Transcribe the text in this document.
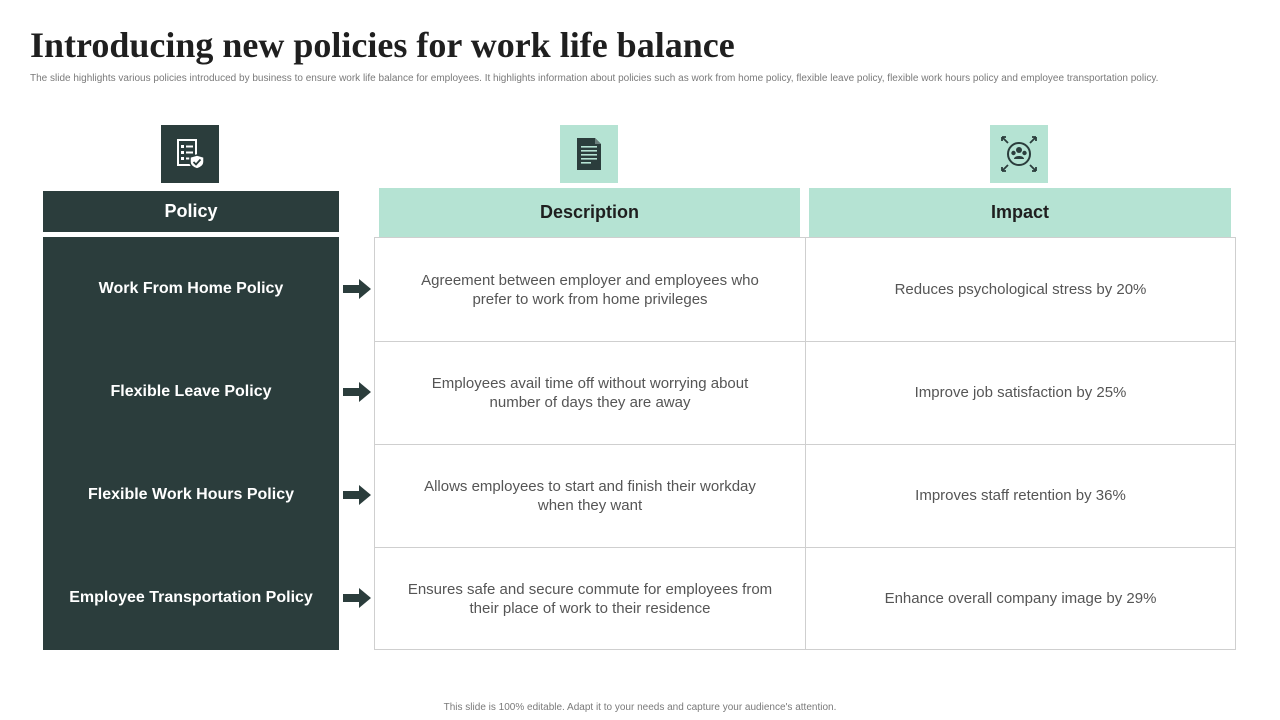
Introducing new policies for work life balance

The slide highlights various policies introduced by business to ensure work life balance for employees. It highlights information about policies such as work from home policy, flexible leave policy, flexible work hours policy and employee transportation policy.

Policy	Description	Impact
Work From Home Policy
Flexible Leave Policy
Flexible Work Hours Policy
Employee Transportation Policy
Agreement between employer and employees who prefer to work from home privileges
Reduces psychological stress by 20%
Employees avail time off without worrying about number of days they are away
Improve job satisfaction by 25%
Allows employees to start and finish their workday when they want
Improves staff retention by 36%
Ensures safe and secure commute for employees from their place of work to their residence
Enhance overall company image by 29%
This slide is 100% editable. Adapt it to your needs and capture your audience's attention.
